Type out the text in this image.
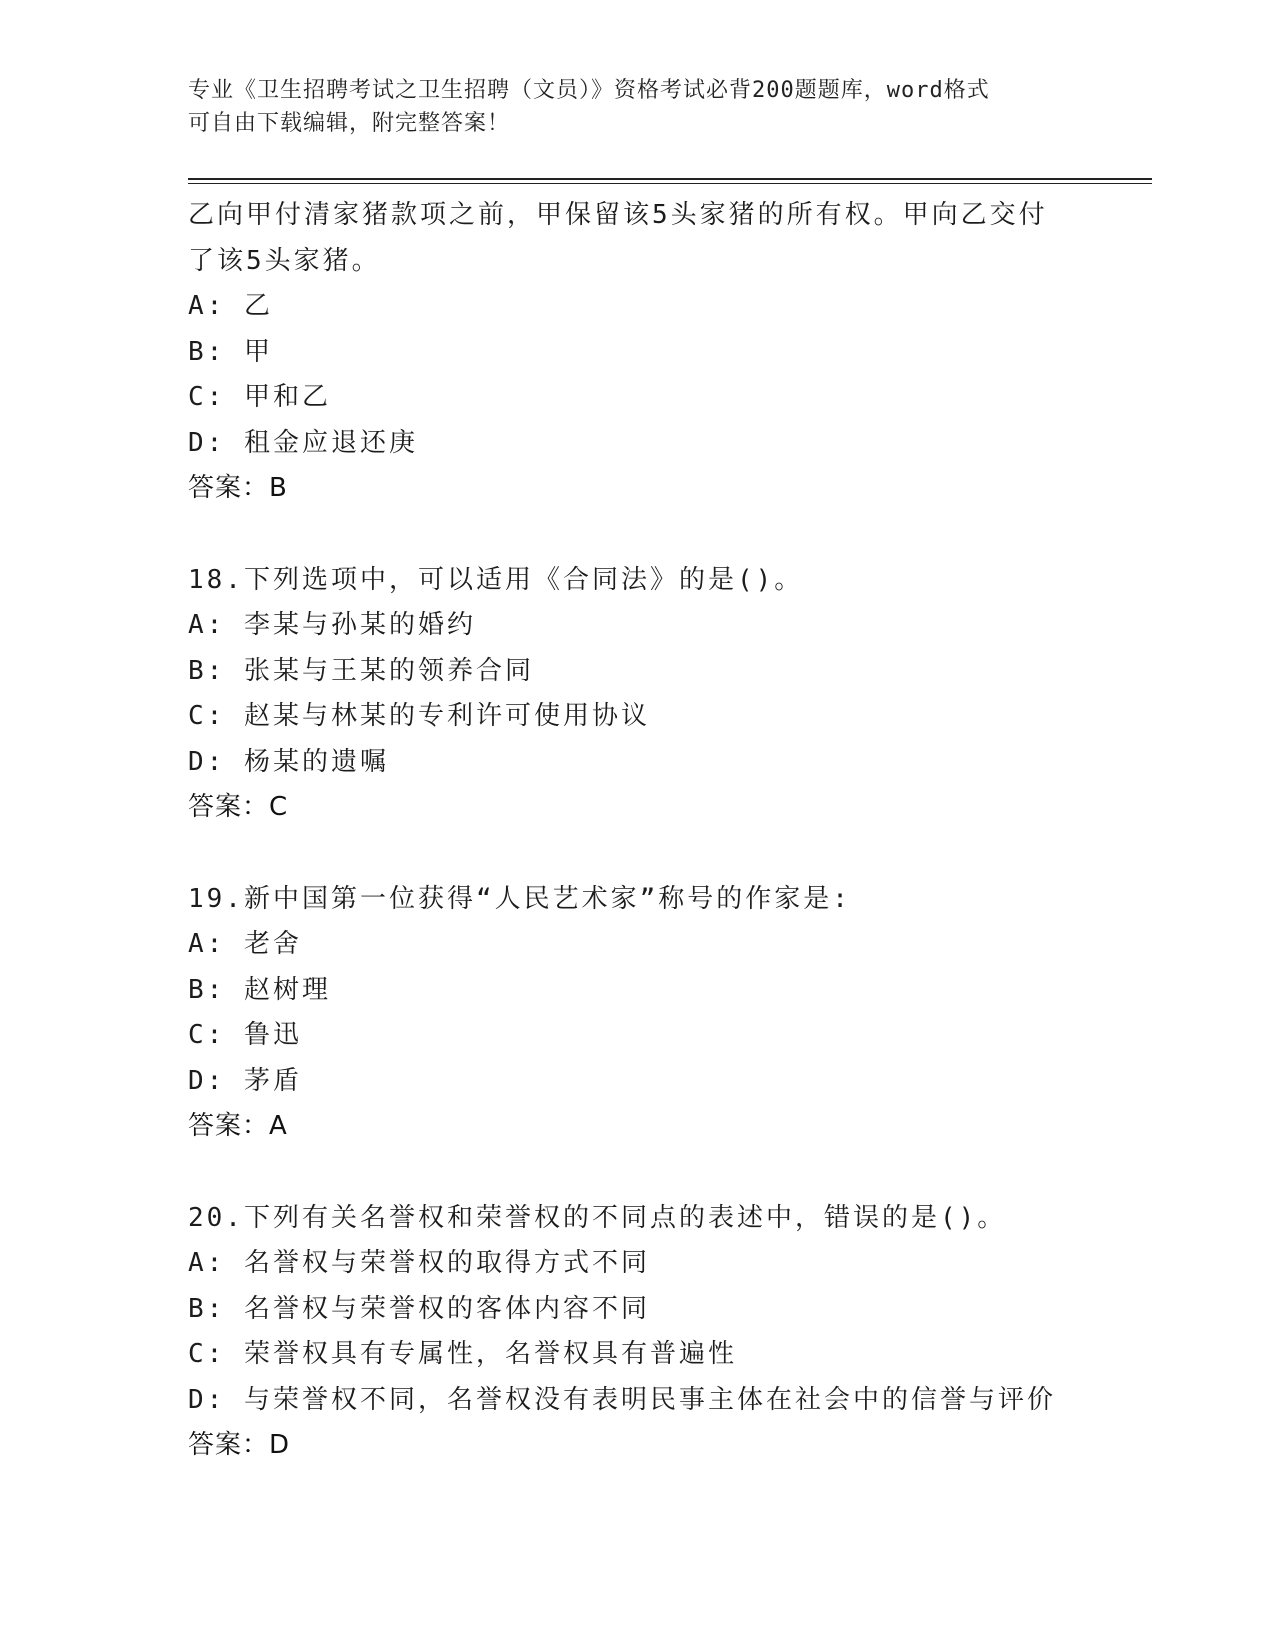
专业《卫生招聘考试之卫生招聘（文员）》资格考试必背200题题库，word格式
可自由下载编辑，附完整答案！
乙向甲付清家猪款项之前，甲保留该5头家猪的所有权。甲向乙交付
了该5头家猪。
A: 乙
B: 甲
C: 甲和乙
D: 租金应退还庚
答案：B
18.下列选项中，可以适用《合同法》的是()。
A: 李某与孙某的婚约
B: 张某与王某的领养合同
C: 赵某与林某的专利许可使用协议
D: 杨某的遗嘱
答案：C
19.新中国第一位获得“人民艺术家”称号的作家是:
A: 老舍
B: 赵树理
C: 鲁迅
D: 茅盾
答案：A
20.下列有关名誉权和荣誉权的不同点的表述中，错误的是()。
A: 名誉权与荣誉权的取得方式不同
B: 名誉权与荣誉权的客体内容不同
C: 荣誉权具有专属性，名誉权具有普遍性
D: 与荣誉权不同，名誉权没有表明民事主体在社会中的信誉与评价
答案：D
